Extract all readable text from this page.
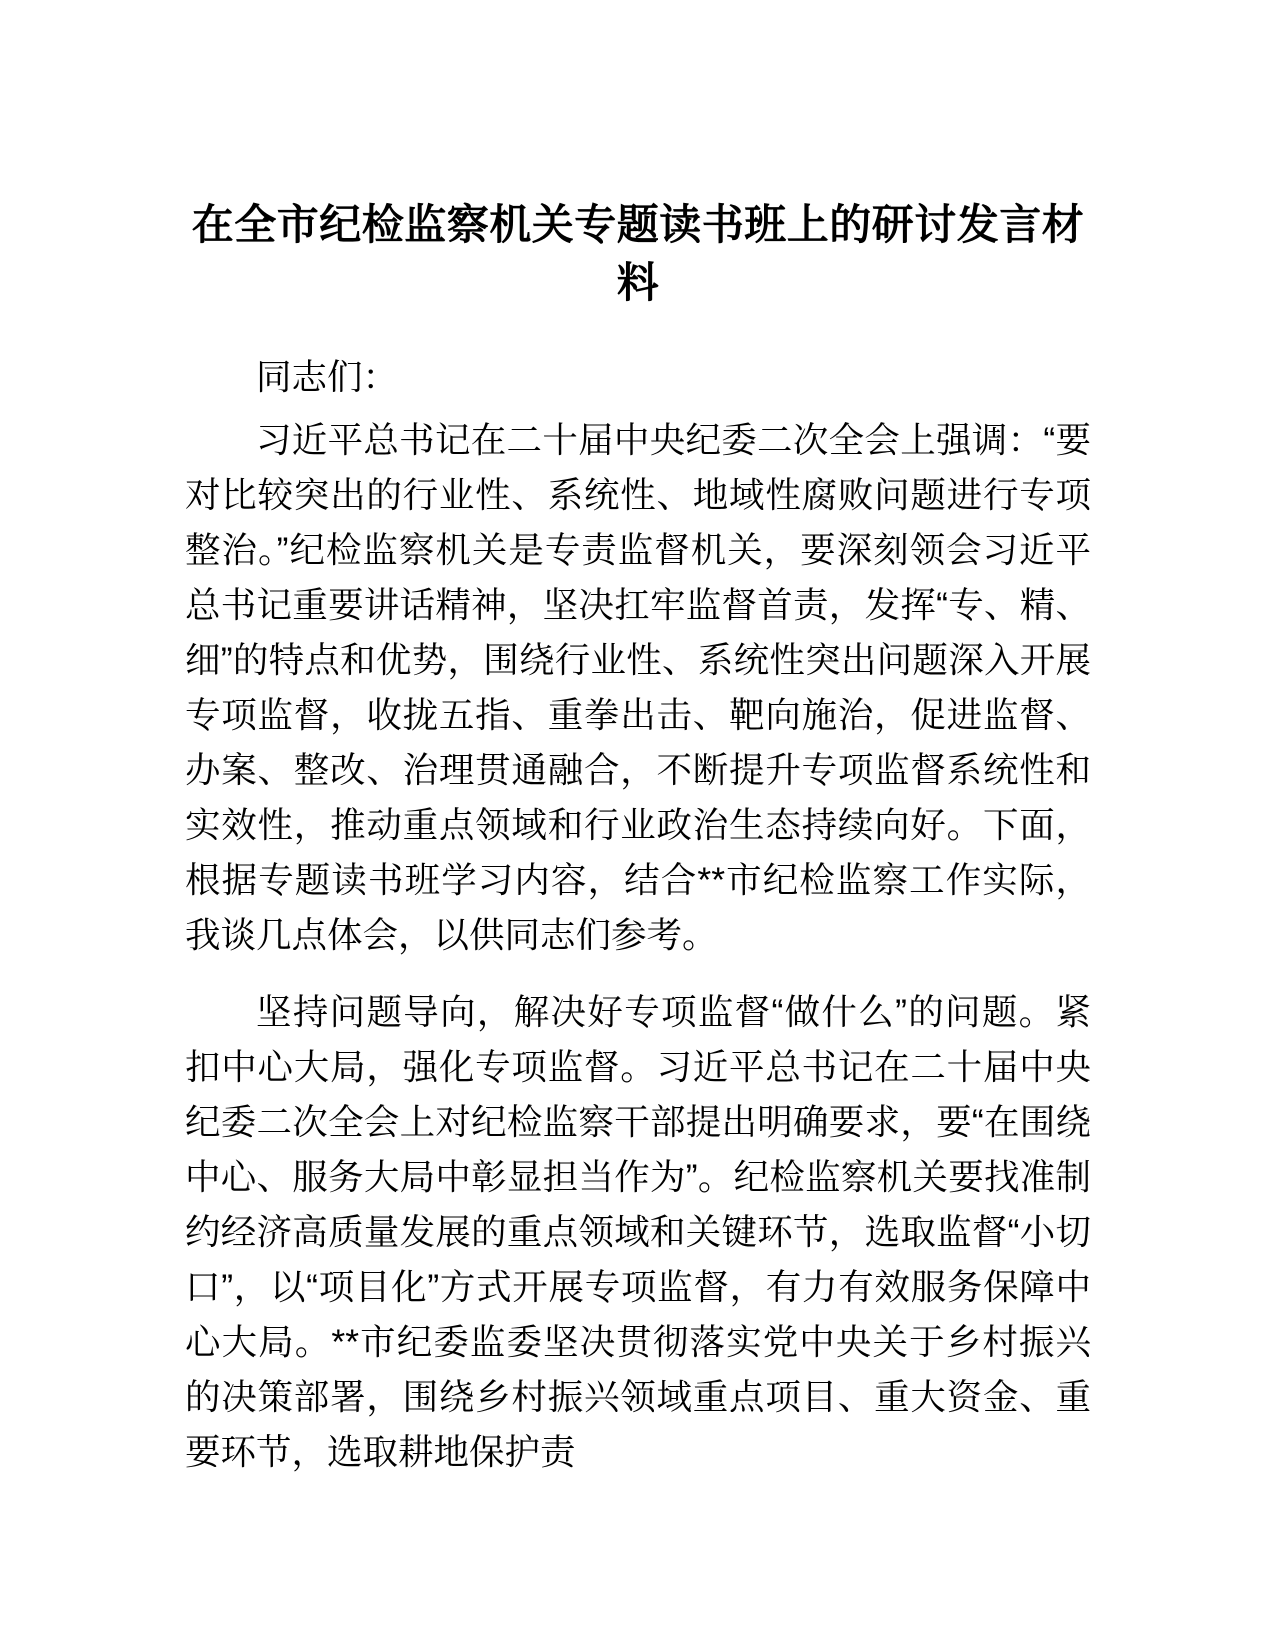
在全市纪检监察机关专题读书班上的研讨发言材料

同志们：

习近平总书记在二十届中央纪委二次全会上强调：“要对比较突出的行业性、系统性、地域性腐败问题进行专项整治。”纪检监察机关是专责监督机关，要深刻领会习近平总书记重要讲话精神，坚决扛牢监督首责，发挥“专、精、细”的特点和优势，围绕行业性、系统性突出问题深入开展专项监督，收拢五指、重拳出击、靶向施治，促进监督、办案、整改、治理贯通融合，不断提升专项监督系统性和实效性，推动重点领域和行业政治生态持续向好。下面，根据专题读书班学习内容，结合**市纪检监察工作实际，我谈几点体会，以供同志们参考。

坚持问题导向，解决好专项监督“做什么”的问题。紧扣中心大局，强化专项监督。习近平总书记在二十届中央纪委二次全会上对纪检监察干部提出明确要求，要“在围绕中心、服务大局中彰显担当作为”。纪检监察机关要找准制约经济高质量发展的重点领域和关键环节，选取监督“小切口”，以“项目化”方式开展专项监督，有力有效服务保障中心大局。**市纪委监委坚决贯彻落实党中央关于乡村振兴的决策部署，围绕乡村振兴领域重点项目、重大资金、重要环节，选取耕地保护责
